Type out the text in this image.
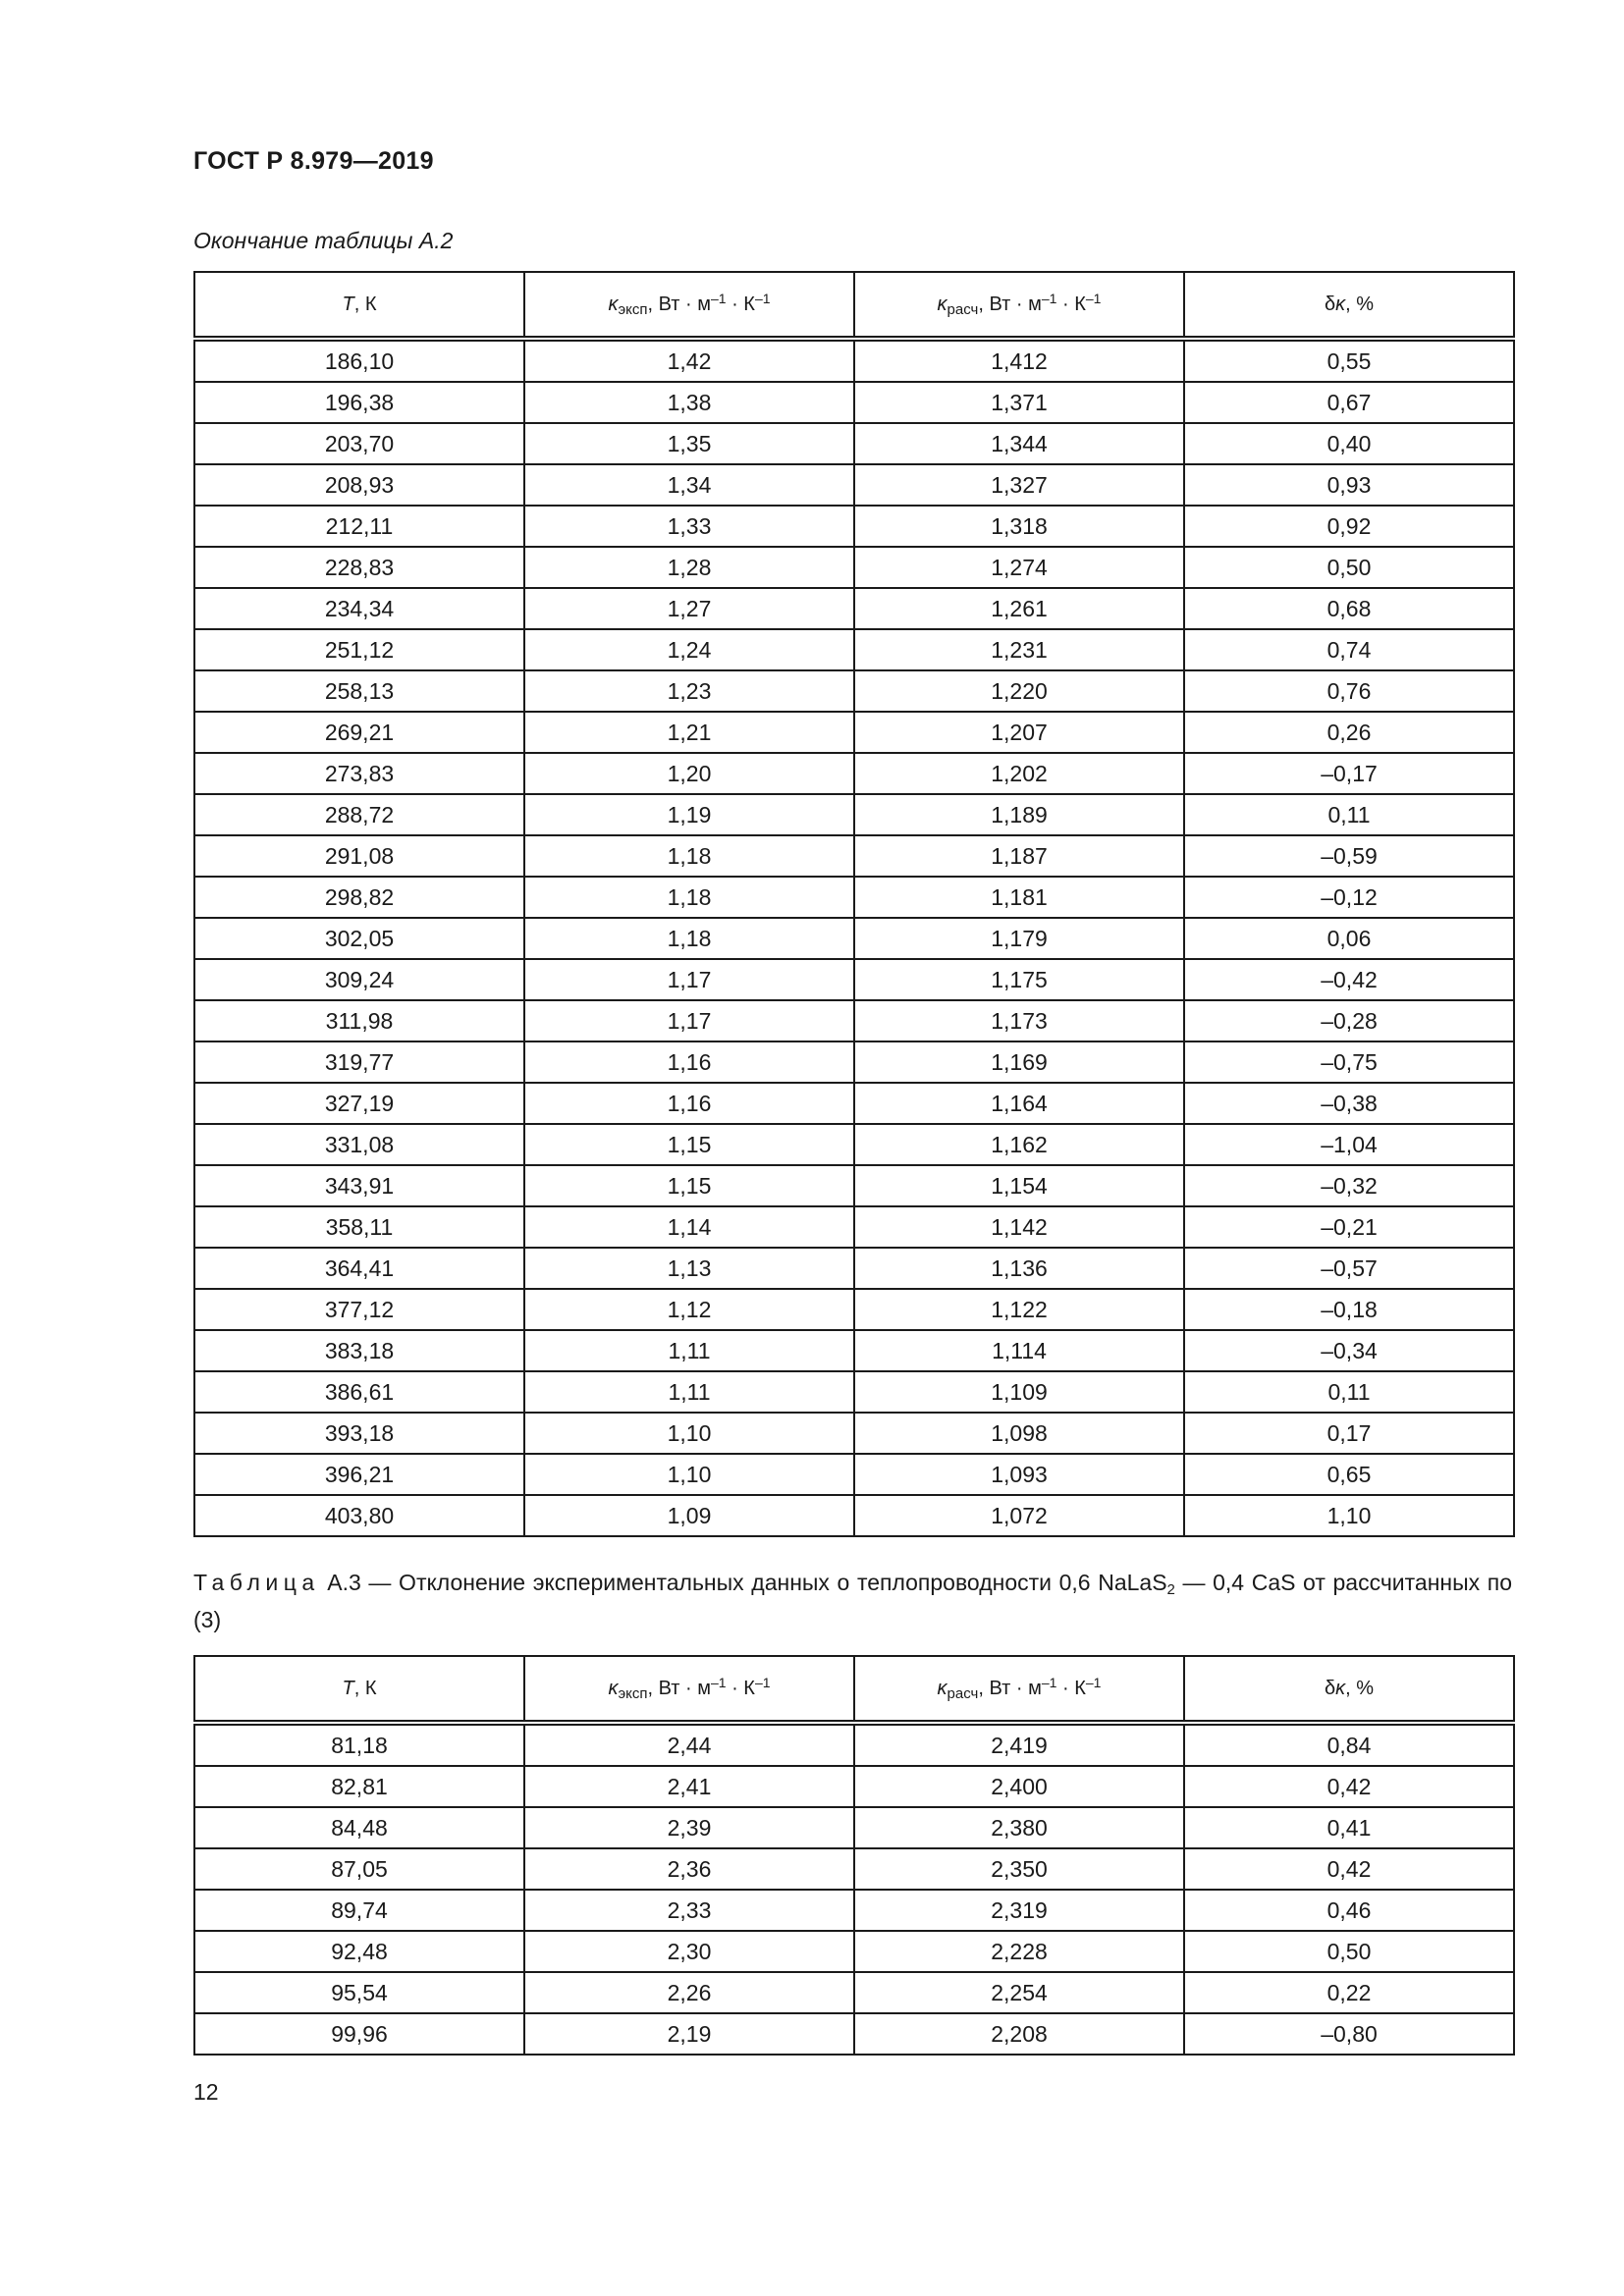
ГОСТ Р 8.979—2019
Окончание таблицы А.2
T, К	$\kappa_{эксп}$, Вт · $м^{-1} \cdot К^{-1}$	$\kappa_{расч}$, Вт · $м^{-1} \cdot К^{-1}$	δκ, %
186,10	1,42	1,412	0,55
196,38	1,38	1,371	0,67
203,70	1,35	1,344	0,40
208,93	1,34	1,327	0,93
212,11	1,33	1,318	0,92
228,83	1,28	1,274	0,50
234,34	1,27	1,261	0,68
251,12	1,24	1,231	0,74
258,13	1,23	1,220	0,76
269,21	1,21	1,207	0,26
273,83	1,20	1,202	–0,17
288,72	1,19	1,189	0,11
291,08	1,18	1,187	–0,59
298,82	1,18	1,181	–0,12
302,05	1,18	1,179	0,06
309,24	1,17	1,175	–0,42
311,98	1,17	1,173	–0,28
319,77	1,16	1,169	–0,75
327,19	1,16	1,164	–0,38
331,08	1,15	1,162	–1,04
343,91	1,15	1,154	–0,32
358,11	1,14	1,142	–0,21
364,41	1,13	1,136	–0,57
377,12	1,12	1,122	–0,18
383,18	1,11	1,114	–0,34
386,61	1,11	1,109	0,11
393,18	1,10	1,098	0,17
396,21	1,10	1,093	0,65
403,80	1,09	1,072	1,10
Таблица А.3 — Отклонение экспериментальных данных о теплопроводности 0,6 NaLaS$_2$ — 0,4 CaS от рассчитанных по (3)
T, К	$\kappa_{эксп}$, Вт · $м^{-1} \cdot К^{-1}$	$\kappa_{расч}$, Вт · $м^{-1} \cdot К^{-1}$	δκ, %
81,18	2,44	2,419	0,84
82,81	2,41	2,400	0,42
84,48	2,39	2,380	0,41
87,05	2,36	2,350	0,42
89,74	2,33	2,319	0,46
92,48	2,30	2,228	0,50
95,54	2,26	2,254	0,22
99,96	2,19	2,208	–0,80
12
